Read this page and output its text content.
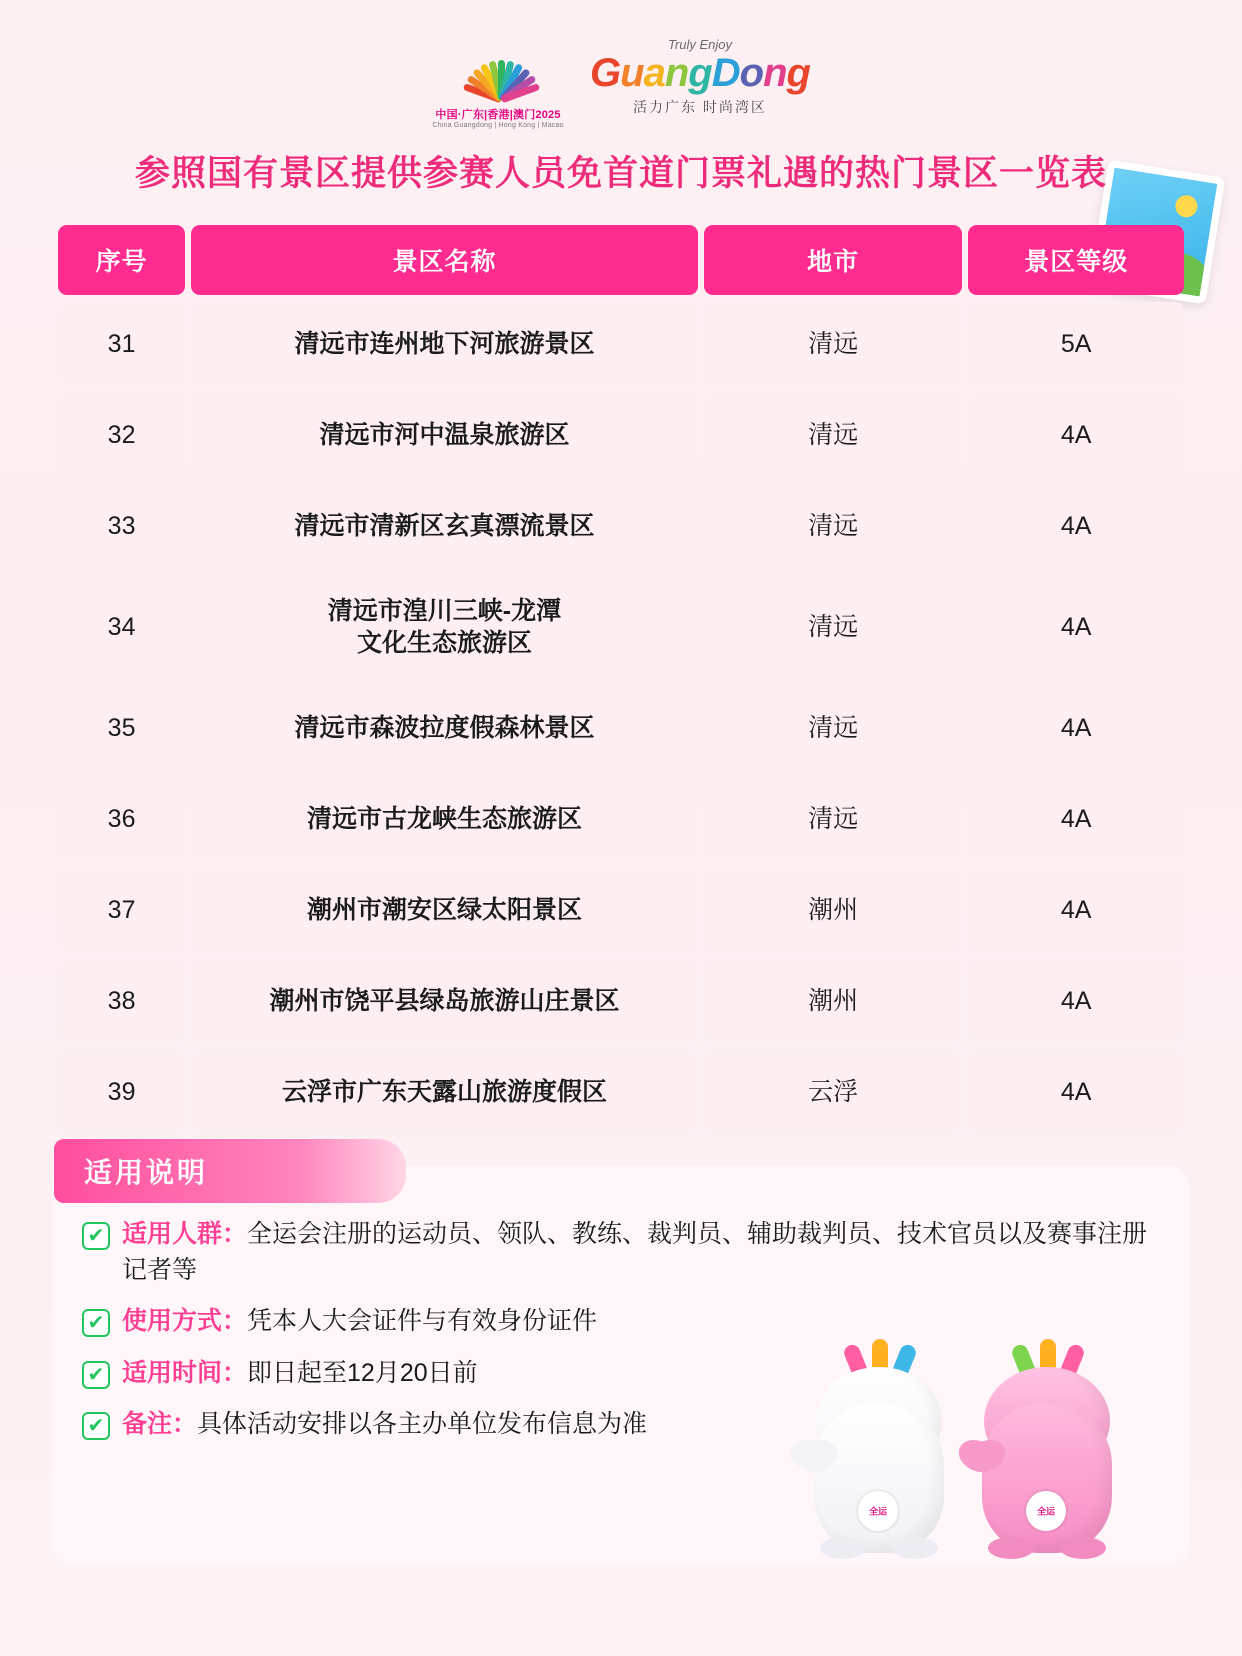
中国·广东|香港|澳门2025
China Guangdong | Hong Kong | Macao
Truly Enjoy
GuangDong
活力广东 时尚湾区
参照国有景区提供参赛人员免首道门票礼遇的热门景区一览表
序号	景区名称	地市	景区等级
31	清远市连州地下河旅游景区	清远	5A
32	清远市河中温泉旅游区	清远	4A
33	清远市清新区玄真漂流景区	清远	4A
34	清远市湟川三峡-龙潭
文化生态旅游区	清远	4A
35	清远市森波拉度假森林景区	清远	4A
36	清远市古龙峡生态旅游区	清远	4A
37	潮州市潮安区绿太阳景区	潮州	4A
38	潮州市饶平县绿岛旅游山庄景区	潮州	4A
39	云浮市广东天露山旅游度假区	云浮	4A
适用说明
✔ 适用人群：全运会注册的运动员、领队、教练、裁判员、辅助裁判员、技术官员以及赛事注册记者等
✔ 使用方式：凭本人大会证件与有效身份证件
✔ 适用时间：即日起至12月20日前
✔ 备注：具体活动安排以各主办单位发布信息为准
全运	全运
